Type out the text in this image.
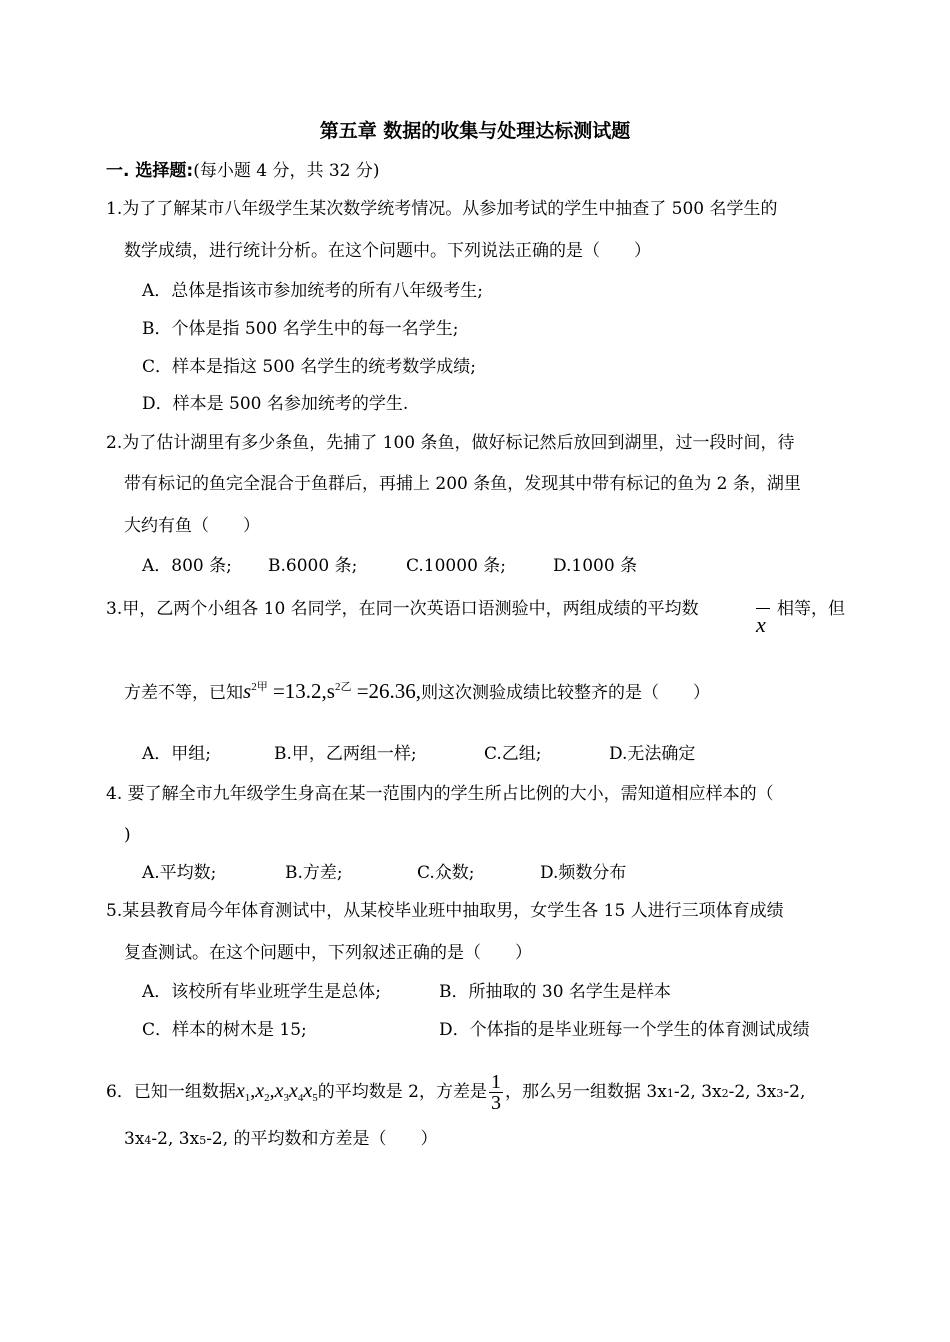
第五章 数据的收集与处理达标测试题
一. 选择题:(每小题 4 分，共 32 分)
1.为了了解某市八年级学生某次数学统考情况。从参加考试的学生中抽查了 500 名学生的
数学成绩，进行统计分析。在这个问题中。下列说法正确的是（　　）
A．总体是指该市参加统考的所有八年级考生;
B．个体是指 500 名学生中的每一名学生;
C．样本是指这 500 名学生的统考数学成绩;
D．样本是 500 名参加统考的学生.
2.为了估计湖里有多少条鱼，先捕了 100 条鱼，做好标记然后放回到湖里，过一段时间，待
带有标记的鱼完全混合于鱼群后，再捕上 200 条鱼，发现其中带有标记的鱼为 2 条，湖里
大约有鱼（　　）
A．800 条; B.6000 条;	C.10000 条;	D.1000 条
3.甲，乙两个小组各 10 名同学，在同一次英语口语测验中，两组成绩的平均数
x
相等，但
方差不等，已知$s^{2甲} =13.2,s^{2乙} =26.36$,则这次测验成绩比较整齐的是（　　）
A．甲组;	B.甲，乙两组一样;	C.乙组;	D.无法确定
4. 要了解全市九年级学生身高在某一范围内的学生所占比例的大小，需知道相应样本的（
)
A.平均数;	B.方差;	C.众数;	D.频数分布
5.某县教育局今年体育测试中，从某校毕业班中抽取男，女学生各 15 人进行三项体育成绩
复查测试。在这个问题中，下列叙述正确的是（　　）
A．该校所有毕业班学生是总体;	B．所抽取的 30 名学生是样本
C．样本的树木是 15;	D．个体指的是毕业班每一个学生的体育测试成绩
6．已知一组数据$x_1,x_2,x_3x_4x_5$的平均数是 2，方差是 $\frac{1}{3}$ ，那么另一组数据 3x1-2, 3x2-2, 3x3-2,
3x4-2, 3x5-2, 的平均数和方差是（　　）
